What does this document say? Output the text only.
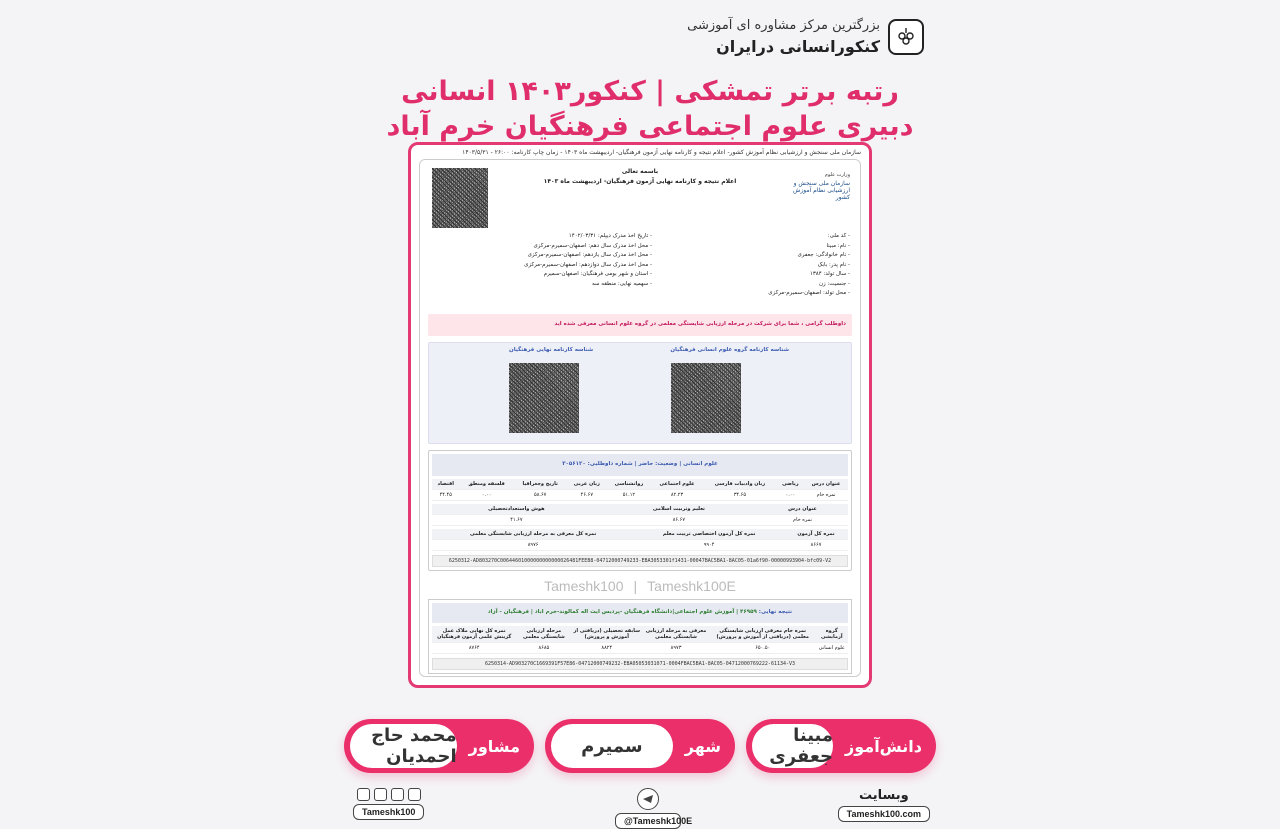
بزرگترین مرکز مشاوره ای آموزشی
کنکورانسانی درایران
رتبه برتر تمشکی | کنکور۱۴۰۳ انسانی
دبیری علوم اجتماعی فرهنگیان خرم آباد
سازمان ملی سنجش و ارزشیابی نظام آموزش کشور- اعلام نتیجه و کارنامه نهایی آزمون فرهنگیان- اردیبهشت ماه ۱۴۰۳ - زمان چاپ کارنامه: ۲۶:۰۰ - ۱۴۰۳/۵/۳۱
باسمه تعالی
اعلام نتیجه و کارنامه نهایی آزمون فرهنگیان- اردیبهشت ماه ۱۴۰۳
وزارت علوم
سازمان ملی سنجش و ارزشیابی نظام آموزش کشور
- کد ملی:
- نام: مبینا
- نام خانوادگی: جعفری
- نام پدر: بابک
- سال تولد: ۱۳۸۴
- جنسیت: زن
- محل تولد: اصفهان-سمیرم-مرکزی
- تاریخ اخذ مدرک دیپلم: ۱۴۰۲/۰۳/۳۱
- محل اخذ مدرک سال دهم: اصفهان-سمیرم-مرکزی
- محل اخذ مدرک سال یازدهم: اصفهان-سمیرم-مرکزی
- محل اخذ مدرک سال دوازدهم: اصفهان-سمیرم-مرکزی
- استان و شهر بومی فرهنگیان: اصفهان-سمیرم
- سهمیه نهایی: منطقه سه
داوطلب گرامی ، شما برای شرکت در مرحله ارزیابی شایستگی معلمی در گروه علوم انسانی معرفی شده اید
شناسه کارنامه گروه علوم انسانی فرهنگیان
شناسه کارنامه نهایی فرهنگیان
علوم انسانی | وضعیت: حاضر | شماره داوطلبی: ۳۰۵۶۱۲۰
عنوان درس	ریاضی	زبان وادبیات فارسی	علوم اجتماعی	روانشناسی	زبان عربی	تاریخ وجغرافیا	فلسفه ومنطق	اقتصاد
نمره خام	۰.۰۰	۳۴.۶۵	۸۲.۲۳	۵۱.۱۲	۴۶.۶۷	۵۸.۶۷	۰.۰۰	۴۴.۴۵
عنوان درس	تعلیم وتربیت اسلامی	هوش واستعدادتحصیلی
نمره خام	۸۶.۶۷	۴۱.۶۷
نمره کل آزمون	نمره کل آزمون اختصاصی تربیت معلم	نمره کل معرفی به مرحله ارزیابی شایستگی معلمی
۸۶۶۷	۹۹۰۴	۸۹۷۶
6250312-AD803270C00644601000000000000026481FEEB8-04712000749233-EBA3053301f1431-00047BAC5BA1-8AC05-01a6f90-00000993904-bfc09-V2
Tameshk100 | Tameshk100E
نتیجه نهایی: ۴۶۹۵۹ | آموزش علوم اجتماعی|دانشگاه فرهنگیان -پردیس ایت اله کمالوند-خرم اباد | فرهنگیان - آزاد
گروه آزمایشی	نمره خام معرفی ارزیابی شایستگی معلمی (دریافتی از آموزش و پرورش)	معرفی به مرحله ارزیابی شایستگی معلمی	سابقه تحصیلی (دریافتی از آموزش و پرورش)	مرحله ارزیابی شایستگی معلمی	نمره کل نهایی ملاک عمل گزینش علمی آزمون فرهنگیان
علوم انسانی	۶۵۰.۵۰	۸۹۷۳	۸۸۲۴	۸۶۸۵	۸۷۶۴
6250314-AD903270C1669391F57E86-04712000749232-EBA05053031071-0004FBAC5BA1-8AC05-04712000769222-61134-V3
دانش‌آموز
مبینا جعفری
شهر
سمیرم
مشاور
محمد حاج احمدیان
وبسایت
Tameshk100.com
@Tameshk100E
Tameshk100
